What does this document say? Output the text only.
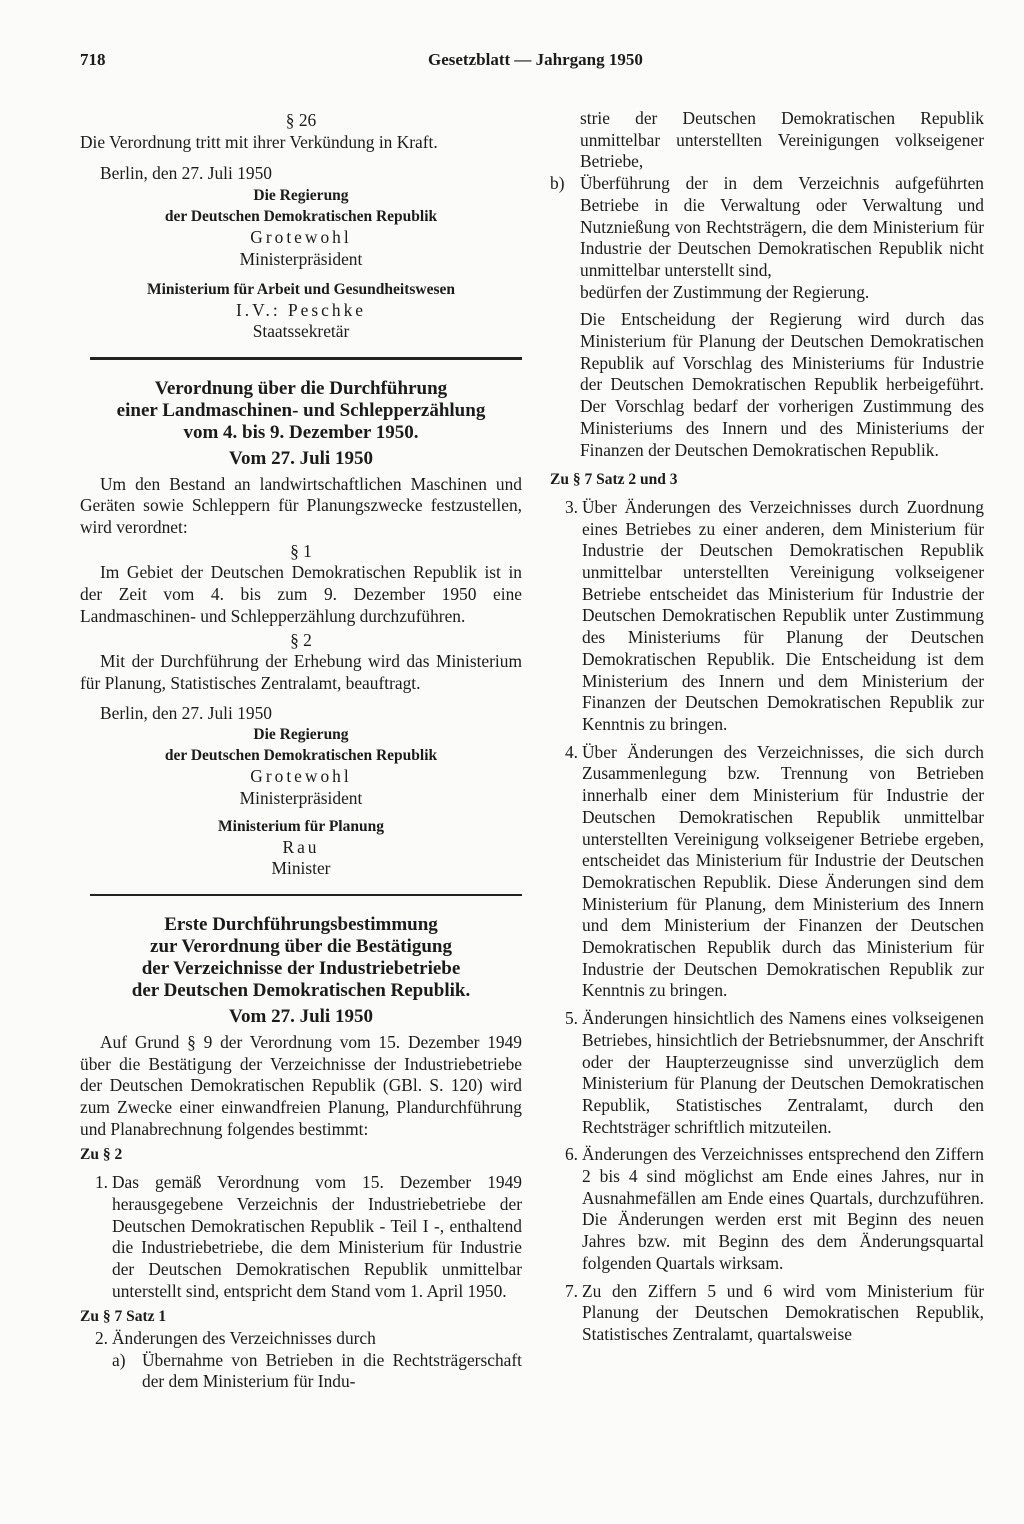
718	Gesetzblatt — Jahrgang 1950

§ 26

Die Verordnung tritt mit ihrer Verkündung in Kraft.

Berlin, den 27. Juli 1950

Die Regierung

der Deutschen Demokratischen Republik

Grotewohl

Ministerpräsident

Ministerium für Arbeit und Gesundheitswesen

I.V.: Peschke

Staatssekretär

Verordnung über die Durchführung

einer Landmaschinen- und Schlepperzählung

vom 4. bis 9. Dezember 1950.

Vom 27. Juli 1950

Um den Bestand an landwirtschaftlichen Maschinen und Geräten sowie Schleppern für Planungszwecke festzustellen, wird verordnet:

§ 1

Im Gebiet der Deutschen Demokratischen Republik ist in der Zeit vom 4. bis zum 9. Dezember 1950 eine Landmaschinen- und Schlepperzählung durchzuführen.

§ 2

Mit der Durchführung der Erhebung wird das Ministerium für Planung, Statistisches Zentralamt, beauftragt.

Berlin, den 27. Juli 1950

Die Regierung

der Deutschen Demokratischen Republik

Grotewohl

Ministerpräsident

Ministerium für Planung

Rau

Minister

Erste Durchführungsbestimmung

zur Verordnung über die Bestätigung

der Verzeichnisse der Industriebetriebe

der Deutschen Demokratischen Republik.

Vom 27. Juli 1950

Auf Grund § 9 der Verordnung vom 15. Dezember 1949 über die Bestätigung der Verzeichnisse der Industriebetriebe der Deutschen Demokratischen Republik (GBl. S. 120) wird zum Zwecke einer einwandfreien Planung, Plandurchführung und Planabrechnung folgendes bestimmt:

Zu § 2

1. Das gemäß Verordnung vom 15. Dezember 1949 herausgegebene Verzeichnis der Industriebetriebe der Deutschen Demokratischen Republik - Teil I -, enthaltend die Industriebetriebe, die dem Ministerium für Industrie der Deutschen Demokratischen Republik unmittelbar unterstellt sind, entspricht dem Stand vom 1. April 1950.

Zu § 7 Satz 1

2. Änderungen des Verzeichnisses durch
a) Übernahme von Betrieben in die Rechtsträgerschaft der dem Ministerium für Indu-
strie der Deutschen Demokratischen Republik unmittelbar unterstellten Vereinigungen volkseigener Betriebe,
b) Überführung der in dem Verzeichnis aufgeführten Betriebe in die Verwaltung oder Verwaltung und Nutznießung von Rechtsträgern, die dem Ministerium für Industrie der Deutschen Demokratischen Republik nicht unmittelbar unterstellt sind,

bedürfen der Zustimmung der Regierung.

Die Entscheidung der Regierung wird durch das Ministerium für Planung der Deutschen Demokratischen Republik auf Vorschlag des Ministeriums für Industrie der Deutschen Demokratischen Republik herbeigeführt. Der Vorschlag bedarf der vorherigen Zustimmung des Ministeriums des Innern und des Ministeriums der Finanzen der Deutschen Demokratischen Republik.

Zu § 7 Satz 2 und 3

3. Über Änderungen des Verzeichnisses durch Zuordnung eines Betriebes zu einer anderen, dem Ministerium für Industrie der Deutschen Demokratischen Republik unmittelbar unterstellten Vereinigung volkseigener Betriebe entscheidet das Ministerium für Industrie der Deutschen Demokratischen Republik unter Zustimmung des Ministeriums für Planung der Deutschen Demokratischen Republik. Die Entscheidung ist dem Ministerium des Innern und dem Ministerium der Finanzen der Deutschen Demokratischen Republik zur Kenntnis zu bringen.
4. Über Änderungen des Verzeichnisses, die sich durch Zusammenlegung bzw. Trennung von Betrieben innerhalb einer dem Ministerium für Industrie der Deutschen Demokratischen Republik unmittelbar unterstellten Vereinigung volkseigener Betriebe ergeben, entscheidet das Ministerium für Industrie der Deutschen Demokratischen Republik. Diese Änderungen sind dem Ministerium für Planung, dem Ministerium des Innern und dem Ministerium der Finanzen der Deutschen Demokratischen Republik durch das Ministerium für Industrie der Deutschen Demokratischen Republik zur Kenntnis zu bringen.
5. Änderungen hinsichtlich des Namens eines volkseigenen Betriebes, hinsichtlich der Betriebsnummer, der Anschrift oder der Haupterzeugnisse sind unverzüglich dem Ministerium für Planung der Deutschen Demokratischen Republik, Statistisches Zentralamt, durch den Rechtsträger schriftlich mitzuteilen.
6. Änderungen des Verzeichnisses entsprechend den Ziffern 2 bis 4 sind möglichst am Ende eines Jahres, nur in Ausnahmefällen am Ende eines Quartals, durchzuführen. Die Änderungen werden erst mit Beginn des neuen Jahres bzw. mit Beginn des dem Änderungsquartal folgenden Quartals wirksam.
7. Zu den Ziffern 5 und 6 wird vom Ministerium für Planung der Deutschen Demokratischen Republik, Statistisches Zentralamt, quartalsweise
